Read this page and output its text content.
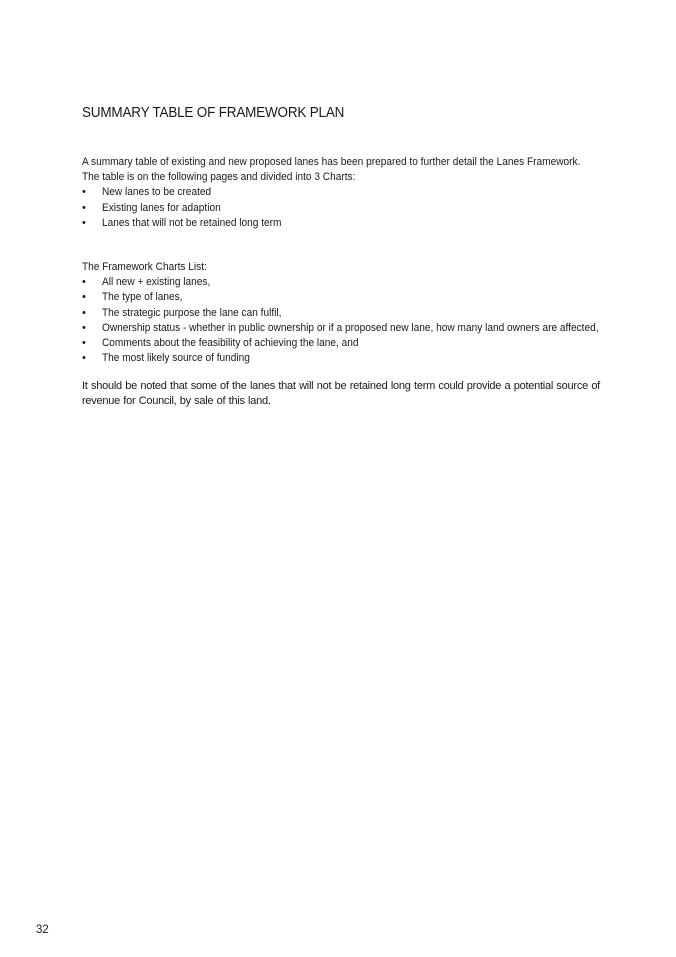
SUMMARY TABLE OF FRAMEWORK PLAN

A summary table of existing and new proposed lanes has been prepared to further detail the Lanes Framework.

The table is on the following pages and divided into 3 Charts:

• New lanes to be created
• Existing lanes for adaption
• Lanes that will not be retained long term

The Framework Charts List:

• All new + existing lanes,
• The type of lanes,
• The strategic purpose the lane can fulfil,
• Ownership status - whether in public ownership or if a proposed new lane, how many land owners are affected,
• Comments about the feasibility of achieving the lane, and
• The most likely source of funding

It should be noted that some of the lanes that will not be retained long term could provide a potential source of revenue for Council, by sale of this land.

32
